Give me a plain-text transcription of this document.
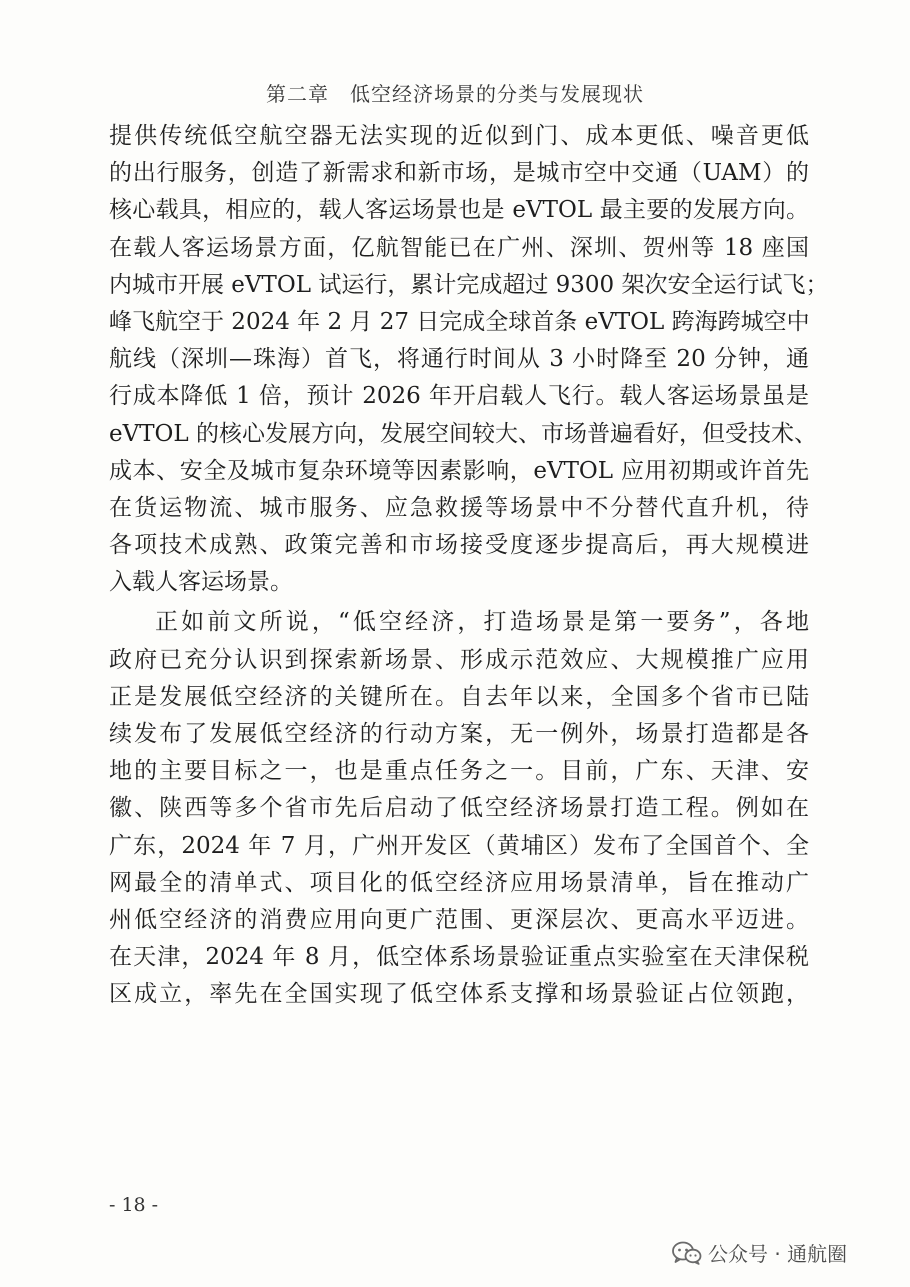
第二章　低空经济场景的分类与发展现状
提供传统低空航空器无法实现的近似到门、成本更低、噪音更低
的出行服务，创造了新需求和新市场，是城市空中交通（UAM）的
核心载具，相应的，载人客运场景也是 eVTOL 最主要的发展方向。
在载人客运场景方面，亿航智能已在广州、深圳、贺州等 18 座国
内城市开展 eVTOL 试运行，累计完成超过 9300 架次安全运行试飞；
峰飞航空于 2024 年 2 月 27 日完成全球首条 eVTOL 跨海跨城空中
航线（深圳—珠海）首飞，将通行时间从 3 小时降至 20 分钟，通
行成本降低 1 倍，预计 2026 年开启载人飞行。载人客运场景虽是
eVTOL 的核心发展方向，发展空间较大、市场普遍看好，但受技术、
成本、安全及城市复杂环境等因素影响，eVTOL 应用初期或许首先
在货运物流、城市服务、应急救援等场景中不分替代直升机，待
各项技术成熟、政策完善和市场接受度逐步提高后，再大规模进
入载人客运场景。
正如前文所说，“低空经济，打造场景是第一要务”，各地
政府已充分认识到探索新场景、形成示范效应、大规模推广应用
正是发展低空经济的关键所在。自去年以来，全国多个省市已陆
续发布了发展低空经济的行动方案，无一例外，场景打造都是各
地的主要目标之一，也是重点任务之一。目前，广东、天津、安
徽、陕西等多个省市先后启动了低空经济场景打造工程。例如在
广东，2024 年 7 月，广州开发区（黄埔区）发布了全国首个、全
网最全的清单式、项目化的低空经济应用场景清单，旨在推动广
州低空经济的消费应用向更广范围、更深层次、更高水平迈进。
在天津，2024 年 8 月，低空体系场景验证重点实验室在天津保税
区成立，率先在全国实现了低空体系支撑和场景验证占位领跑，
- 18 -
公众号 · 通航圈
